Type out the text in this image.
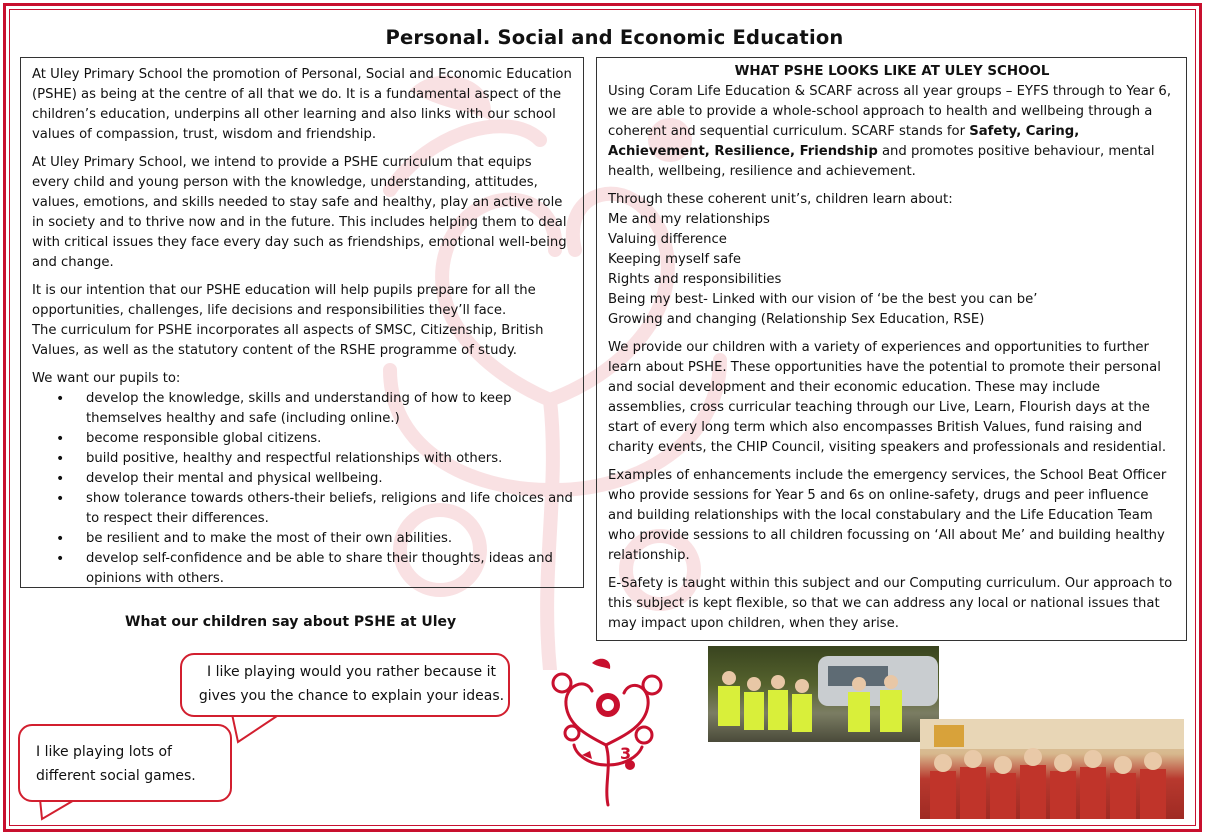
Personal. Social and Economic Education

At Uley Primary School the promotion of Personal, Social and Economic Education (PSHE) as being at the centre of all that we do. It is a fundamental aspect of the children’s education, underpins all other learning and also links with our school values of compassion, trust, wisdom and friendship.

At Uley Primary School, we intend to provide a PSHE curriculum that equips every child and young person with the knowledge, understanding, attitudes, values, emotions, and skills needed to stay safe and healthy, play an active role in society and to thrive now and in the future. This includes helping them to deal with critical issues they face every day such as friendships, emotional well-being and change.

It is our intention that our PSHE education will help pupils prepare for all the opportunities, challenges, life decisions and responsibilities they’ll face.

The curriculum for PSHE incorporates all aspects of SMSC, Citizenship, British Values, as well as the statutory content of the RSHE programme of study.

We want our pupils to:
• develop the knowledge, skills and understanding of how to keep themselves healthy and safe (including online.)
• become responsible global citizens.
• build positive, healthy and respectful relationships with others.
• develop their mental and physical wellbeing.
• show tolerance towards others-their beliefs, religions and life choices and to respect their differences.
• be resilient and to make the most of their own abilities.
• develop self-confidence and be able to share their thoughts, ideas and opinions with others.
WHAT PSHE LOOKS LIKE AT ULEY SCHOOL

Using Coram Life Education & SCARF across all year groups – EYFS through to Year 6, we are able to provide a whole-school approach to health and wellbeing through a coherent and sequential curriculum. SCARF stands for Safety, Caring, Achievement, Resilience, Friendship and promotes positive behaviour, mental health, wellbeing, resilience and achievement.

Through these coherent unit’s, children learn about:
Me and my relationships
Valuing difference
Keeping myself safe
Rights and responsibilities
Being my best- Linked with our vision of ‘be the best you can be’
Growing and changing (Relationship Sex Education, RSE)

We provide our children with a variety of experiences and opportunities to further learn about PSHE. These opportunities have the potential to promote their personal and social development and their economic education. These may include assemblies, cross curricular teaching through our Live, Learn, Flourish days at the start of every long term which also encompasses British Values, fund raising and charity events, the CHIP Council, visiting speakers and professionals and residential.

Examples of enhancements include the emergency services, the School Beat Officer who provide sessions for Year 5 and 6s on online-safety, drugs and peer influence and building relationships with the local constabulary and the Life Education Team who provide sessions to all children focussing on ‘All about Me’ and building healthy relationship.

E-Safety is taught within this subject and our Computing curriculum. Our approach to this subject is kept flexible, so that we can address any local or national issues that may impact upon children, when they arise.

What our children say about PSHE at Uley
I like playing would you rather because it gives you the chance to explain your ideas.
I like playing lots of different social games.
3
